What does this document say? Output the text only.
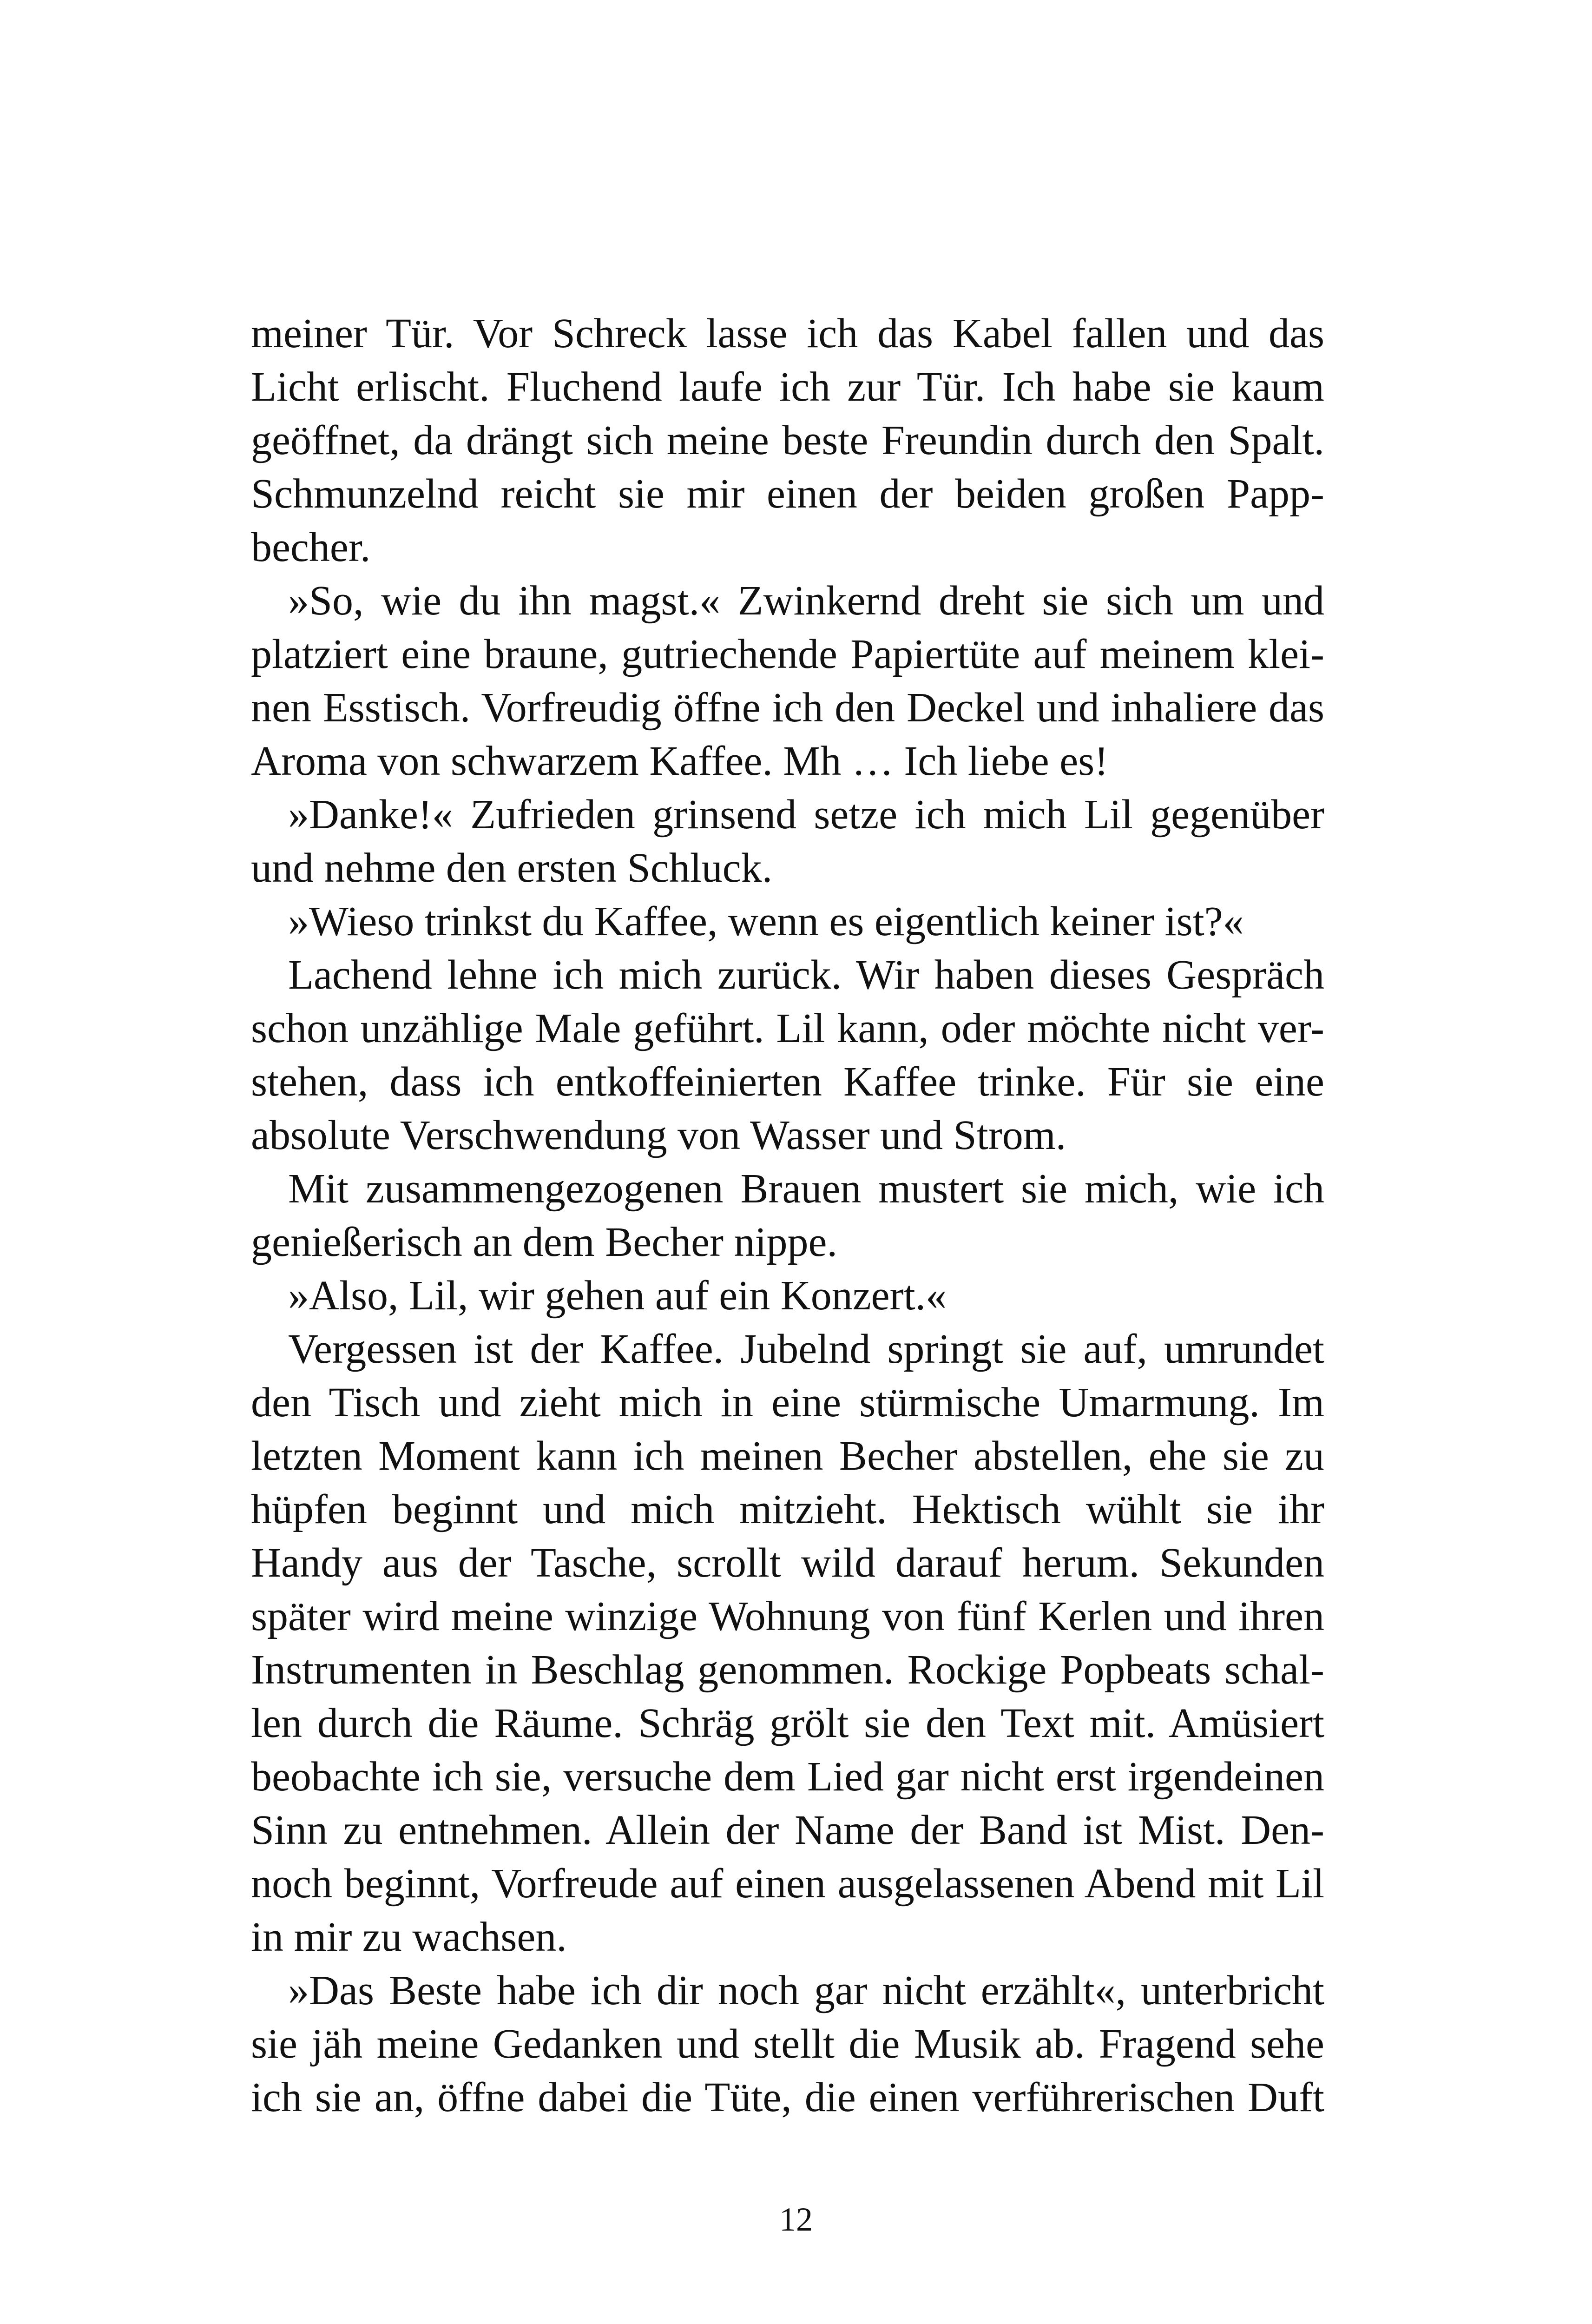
meiner Tür. Vor Schreck lasse ich das Kabel fallen und das
Licht erlischt. Fluchend laufe ich zur Tür. Ich habe sie kaum
geöffnet, da drängt sich meine beste Freundin durch den Spalt.
Schmunzelnd reicht sie mir einen der beiden großen Papp-
becher.
»So, wie du ihn magst.« Zwinkernd dreht sie sich um und
platziert eine braune, gutriechende Papiertüte auf meinem klei-
nen Esstisch. Vorfreudig öffne ich den Deckel und inhaliere das
Aroma von schwarzem Kaffee. Mh … Ich liebe es!
»Danke!« Zufrieden grinsend setze ich mich Lil gegenüber
und nehme den ersten Schluck.
»Wieso trinkst du Kaffee, wenn es eigentlich keiner ist?«
Lachend lehne ich mich zurück. Wir haben dieses Gespräch
schon unzählige Male geführt. Lil kann, oder möchte nicht ver-
stehen, dass ich entkoffeinierten Kaffee trinke. Für sie eine
absolute Verschwendung von Wasser und Strom.
Mit zusammengezogenen Brauen mustert sie mich, wie ich
genießerisch an dem Becher nippe.
»Also, Lil, wir gehen auf ein Konzert.«
Vergessen ist der Kaffee. Jubelnd springt sie auf, umrundet
den Tisch und zieht mich in eine stürmische Umarmung. Im
letzten Moment kann ich meinen Becher abstellen, ehe sie zu
hüpfen beginnt und mich mitzieht. Hektisch wühlt sie ihr
Handy aus der Tasche, scrollt wild darauf herum. Sekunden
später wird meine winzige Wohnung von fünf Kerlen und ihren
Instrumenten in Beschlag genommen. Rockige Popbeats schal-
len durch die Räume. Schräg grölt sie den Text mit. Amüsiert
beobachte ich sie, versuche dem Lied gar nicht erst irgendeinen
Sinn zu entnehmen. Allein der Name der Band ist Mist. Den-
noch beginnt, Vorfreude auf einen ausgelassenen Abend mit Lil
in mir zu wachsen.
»Das Beste habe ich dir noch gar nicht erzählt«, unterbricht
sie jäh meine Gedanken und stellt die Musik ab. Fragend sehe
ich sie an, öffne dabei die Tüte, die einen verführerischen Duft
12
